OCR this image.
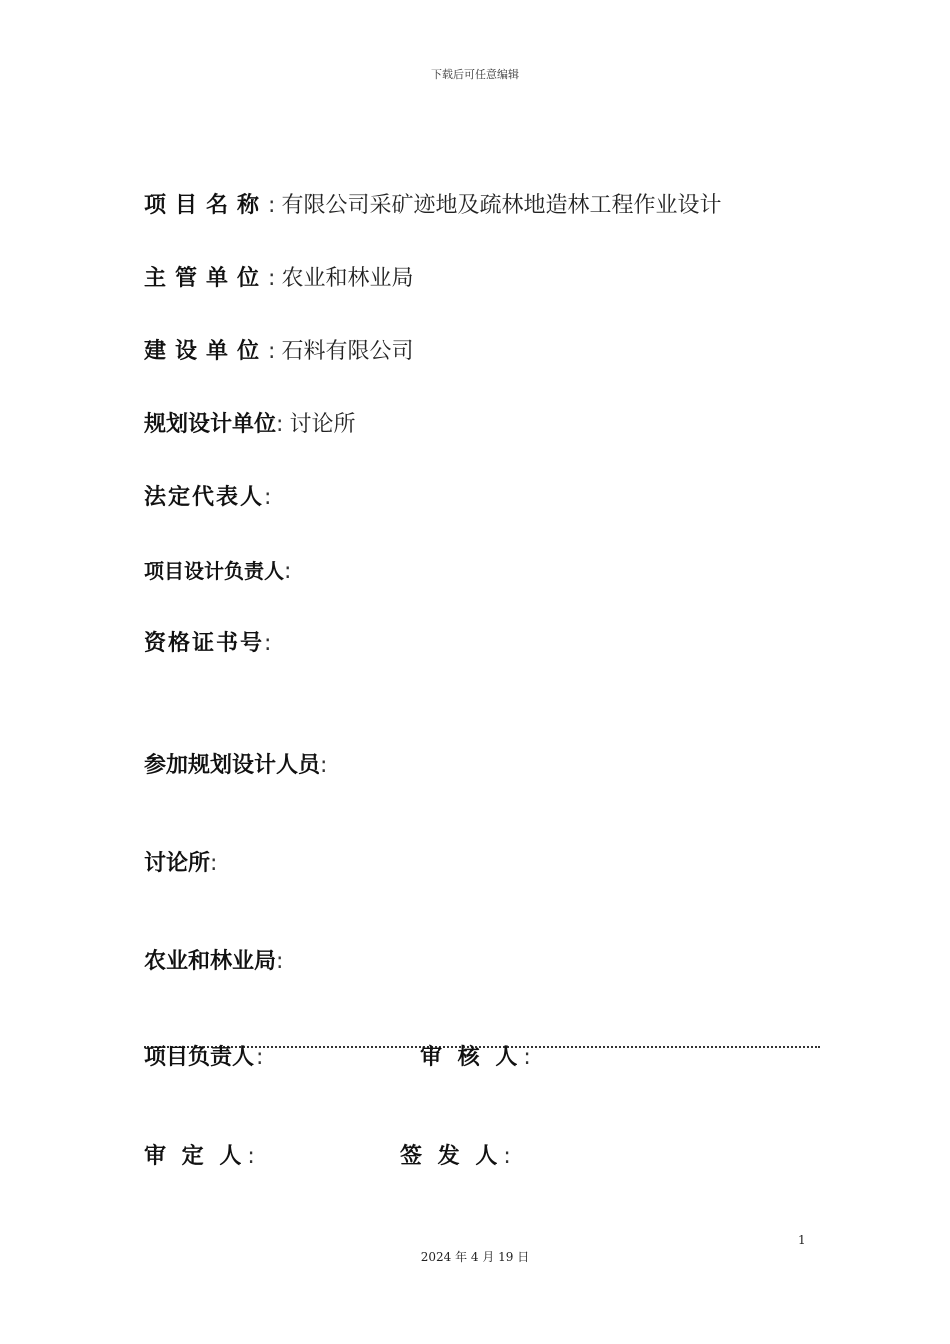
下载后可任意编辑
项目名称: 有限公司采矿迹地及疏林地造林工程作业设计
主管单位: 农业和林业局
建设单位: 石料有限公司
规划设计单位: 讨论所
法定代表人:
项目设计负责人:
资格证书号:
参加规划设计人员:
讨论所:
农业和林业局:
项目负责人:	审 核 人:
审 定 人:	签 发 人:
1
2024 年 4 月 19 日
